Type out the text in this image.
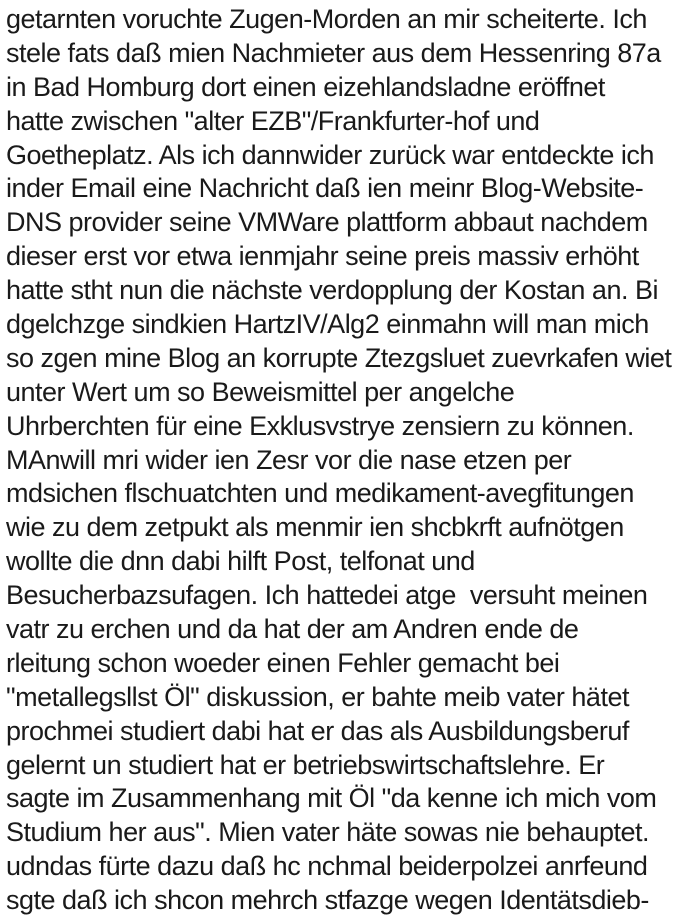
getarnten voruchte Zugen-Morden an mir scheiterte. Ich
stele fats daß mien Nachmieter aus dem Hessenring 87a
in Bad Homburg dort einen eizehlandsladne eröffnet
hatte zwischen "alter EZB"/Frankfurter-hof und
Goetheplatz. Als ich dannwider zurück war entdeckte ich
inder Email eine Nachricht daß ien meinr Blog-Website-
DNS provider seine VMWare plattform abbaut nachdem
dieser erst vor etwa ienmjahr seine preis massiv erhöht
hatte stht nun die nächste verdopplung der Kostan an. Bi
dgelchzge sindkien HartzIV/Alg2 einmahn will man mich
so zgen mine Blog an korrupte Ztezgsluet zuevrkafen wiet
unter Wert um so Beweismittel per angelche
Uhrberchten für eine Exklusvstrye zensiern zu können.
MAnwill mri wider ien Zesr vor die nase etzen per
mdsichen flschuatchten und medikament-avegfitungen
wie zu dem zetpukt als menmir ien shcbkrft aufnötgen
wollte die dnn dabi hilft Post, telfonat und
Besucherbazsufagen. Ich hattedei atge  versuht meinen
vatr zu erchen und da hat der am Andren ende de
rleitung schon woeder einen Fehler gemacht bei
"metallegsllst Öl" diskussion, er bahte meib vater hätet
prochmei studiert dabi hat er das als Ausbildungsberuf
gelernt un studiert hat er betriebswirtschaftslehre. Er
sagte im Zusammenhang mit Öl "da kenne ich mich vom
Studium her aus". Mien vater häte sowas nie behauptet.
udndas fürte dazu daß hc nchmal beiderpolzei anrfeund
sgte daß ich shcon mehrch stfazge wegen Identätsdieb-
